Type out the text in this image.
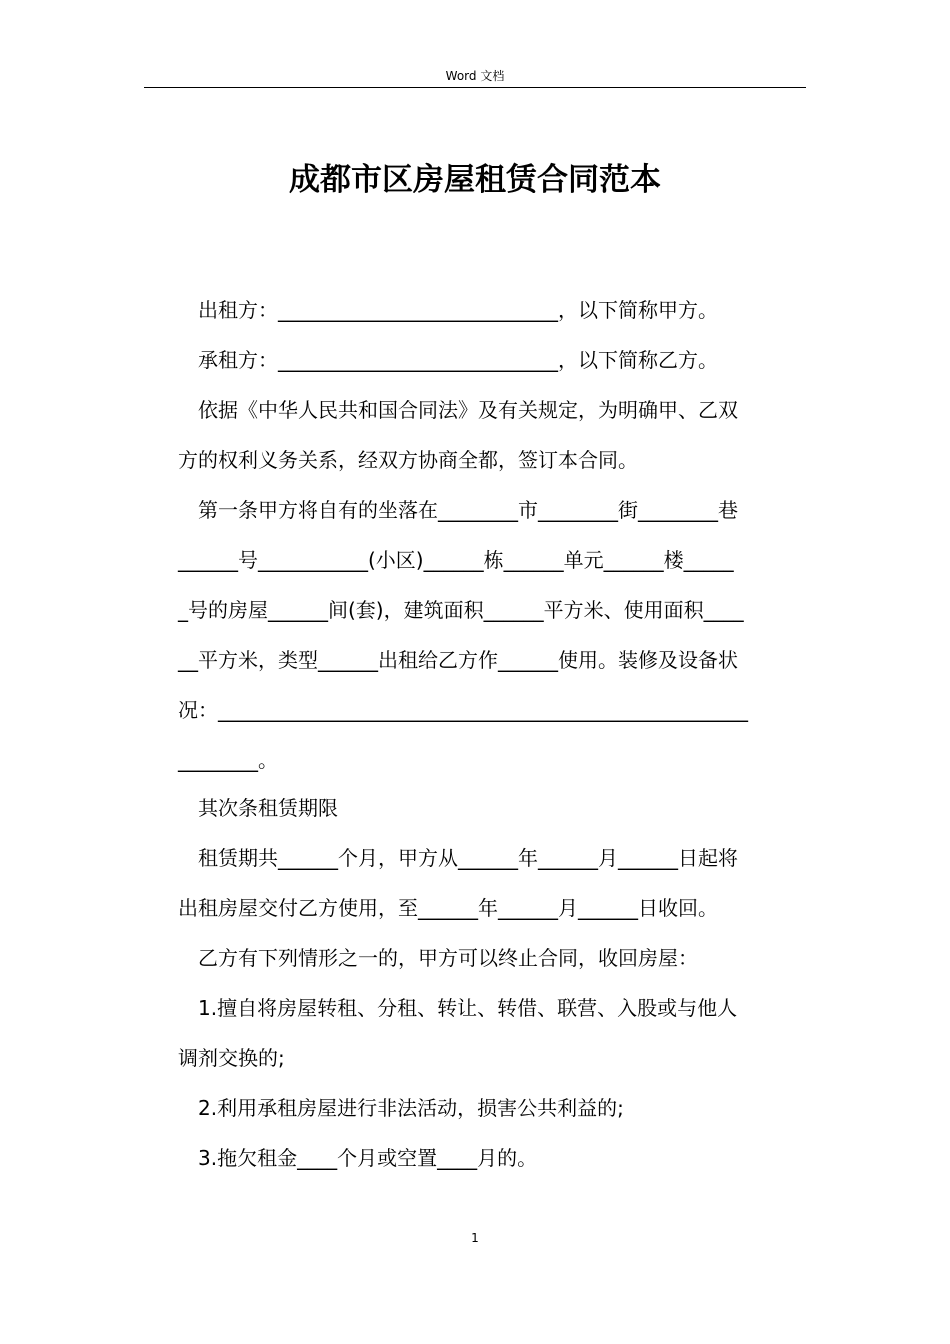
Word 文档
成都市区房屋租赁合同范本
　出租方：____________________________，以下简称甲方。
　承租方：____________________________，以下简称乙方。
　依据《中华人民共和国合同法》及有关规定，为明确甲、乙双
方的权利义务关系，经双方协商全都，签订本合同。
　第一条甲方将自有的坐落在________市________街________巷
______号___________(小区)______栋______单元______楼_____
_号的房屋______间(套)，建筑面积______平方米、使用面积____
__平方米，类型______出租给乙方作______使用。装修及设备状
况：_____________________________________________________
________。
　其次条租赁期限
　租赁期共______个月，甲方从______年______月______日起将
出租房屋交付乙方使用，至______年______月______日收回。
　乙方有下列情形之一的，甲方可以终止合同，收回房屋：
　1.擅自将房屋转租、分租、转让、转借、联营、入股或与他人
调剂交换的;
　2.利用承租房屋进行非法活动，损害公共利益的;
　3.拖欠租金____个月或空置____月的。
1
